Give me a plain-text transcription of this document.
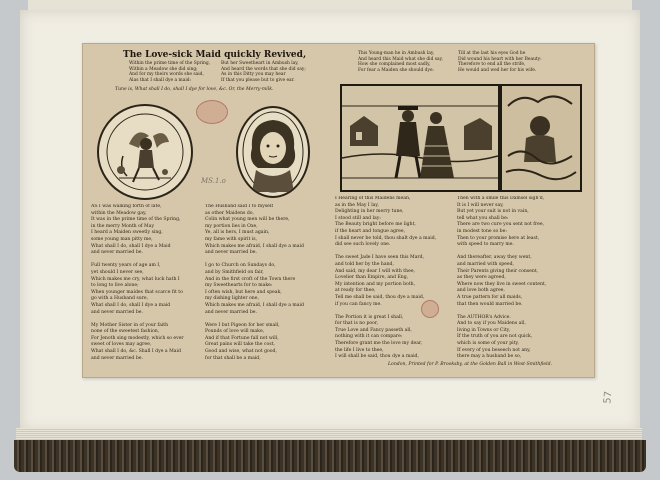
57
The Love-sick Maid quickly Revived,
Within the prime time of the Spring,
Within a Meadow she did sing;
And for my theirs words she said,
Alas that I shall dye a maid:
But her Sweetheart in Ambush lay,
And heard the words that she did say;
As in this Ditty you may hear
If that you please but to give ear.
Tune is, What shall I do, shall I dye for love, &c. Or, the Merry-milk.
This Young-man he in Ambush lay,
And heard this Maid what she did say,
How she complained most sadly,
For fear a Maiden she should dye.
Till at the last his eyes God he
Did wound his heart with her Beauty:
Therefore to end all the strife,
He would and wed her for his wife.
MS.1.o
AS I was walking forth of late,
within the Meadow gay,
It was in the prime time of the Spring,
in the merry Month of May
I heard a Maiden sweetly sing,
some young man pitty me,
What shall I do, shall I dye a Maid
and never married be.

Full twenty years of age am I,
yet should I never see,
Which makes me cry, what luck hath I
to long to live alone;
When younger maides that scarce fit to
go with a Husband sure,
What shall I do, shall I dye a maid
and never married be.

My Mother Sister in of your faith
none of the sweetest fashion,
For Jenoth sing modestly, which so ever
sweet of loves may agree,
What shall I do, &c. Shall I dye a Maid
and never married be.
The Husband said I to myself
as other Maidens do,
Colin what young men will be there,
my portion lies in Oxe,
Ye, all is hers, I must again,
my fame with spirit is,
Which makes me afraid, I shall dye a maid
and never married be.

I go to Church on Sundays do,
and by Smithfield on fair,
And in the first croft of the Town there
my Sweethearts for to make:
I often wish, but here and speak,
my dishing lighter one,
Which makes me afraid, I shall dye a maid
and never married be.

Were I but Pigeon for her small,
Pounds of love will make,
And if that Fortune fall not will,
Great pains will take the cost,
Good and wise, what not good,
for that shall be a maid,
I Hearing of this Maidens mean,
as in the May I lay,
Delighting in her merry tune,
I stood still and lay:
The Beauty bright before me light,
if the heart and tongue agree,
I shall never be told, thou shalt dye a maid,
did see such lovely one.

The sweet Jade I have seen this Mard,
and told her by the hand,
And said, my dear I will with thee,
Lovelier than Empire, and Eng,
My intention and my portion both,
at ready for thee,
Tell me shall be said, thou dye a maid,
if you can fancy me.

The Portion it is great I shall,
for that is no poor,
True Love and Fancy passeth all,
nothing with it can compare:
Therefore grant me the love my dear,
the life I live to thee,
I will shall be said, thou dye a maid,
Then with a smile this Damsel sigh'd,
It is I will never say,
But yet your suit is not in vain,
tell what you shall be:
There are two cure you sent not free,
in modest tone so be:
Then to your promise here at least,
with speed to marry me.

And thereafter, away they went,
and married with speed,
Their Parents giving their consent,
as they were agreed,
Where now they live in sweet content,
and love both agree,
A true pattern for all maids,
that then would married be.

The AUTHOR's Advice.
And to say if you Maidens all,
living in Towns or City,
If the truth of you are not quick,
which is some of your pity,
If every of you beseech not any,
there may a husband be so,
London, Printed for P. Brooksby, at the Golden Ball in West-Smithfield.
